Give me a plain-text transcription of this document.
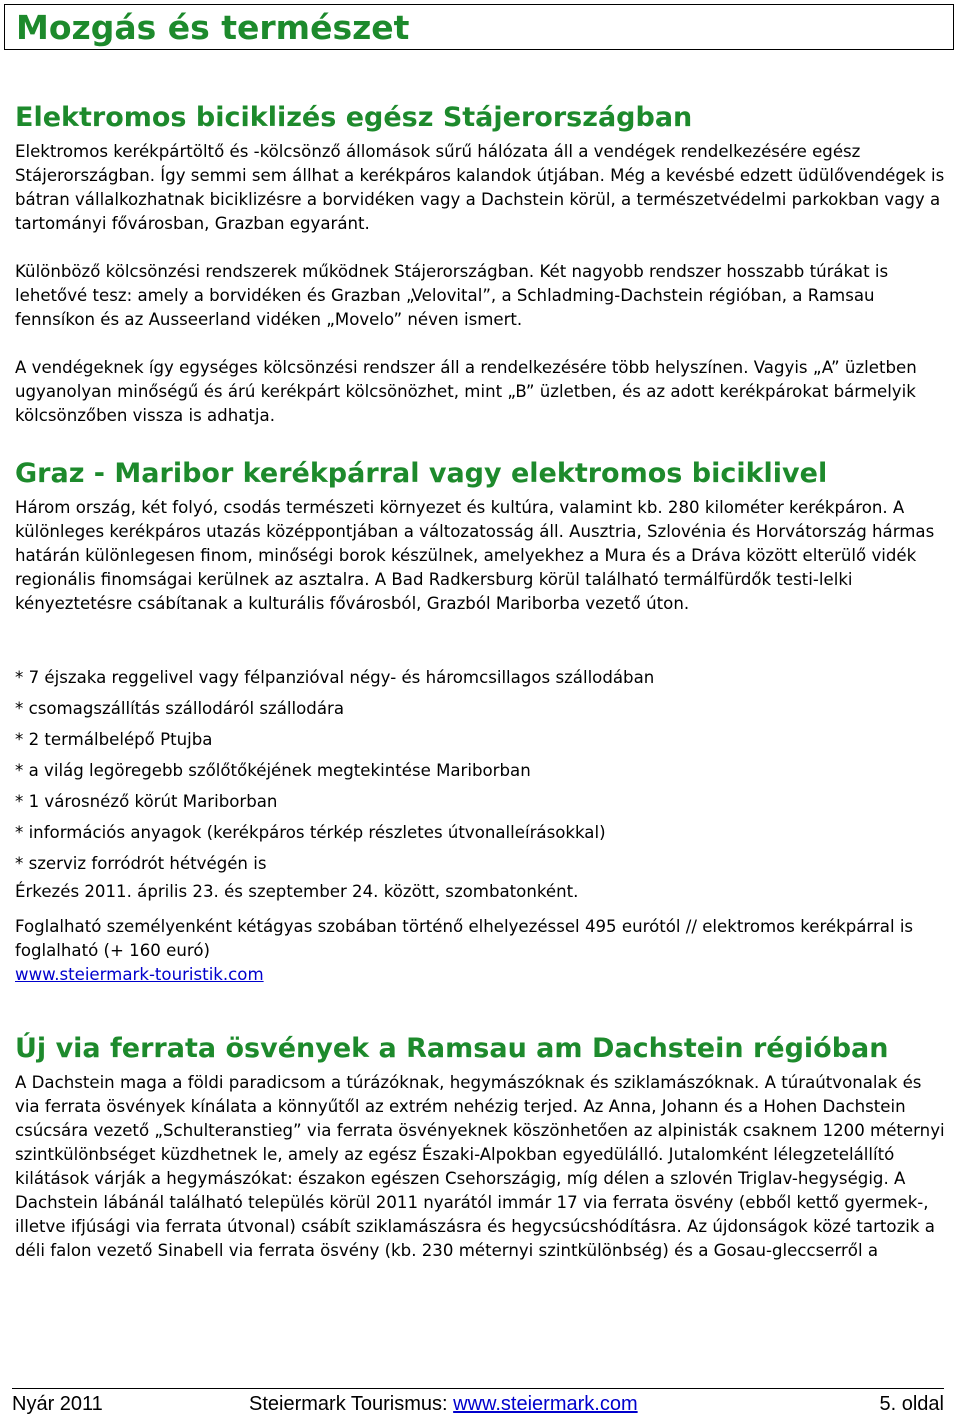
Mozgás és természet
Elektromos biciklizés egész Stájerországban

Elektromos kerékpártöltő és -kölcsönző állomások sűrű hálózata áll a vendégek rendelkezésére egész Stájerországban. Így semmi sem állhat a kerékpáros kalandok útjában. Még a kevésbé edzett üdülővendégek is bátran vállalkozhatnak biciklizésre a borvidéken vagy a Dachstein körül, a természetvédelmi parkokban vagy a tartományi fővárosban, Grazban egyaránt.

Különböző kölcsönzési rendszerek működnek Stájerországban. Két nagyobb rendszer hosszabb túrákat is lehetővé tesz: amely a borvidéken és Grazban „Velovital”, a Schladming-Dachstein régióban, a Ramsau fennsíkon és az Ausseerland vidéken „Movelo” néven ismert.

A vendégeknek így egységes kölcsönzési rendszer áll a rendelkezésére több helyszínen. Vagyis „A” üzletben ugyanolyan minőségű és árú kerékpárt kölcsönözhet, mint „B” üzletben, és az adott kerékpárokat bármelyik kölcsönzőben vissza is adhatja.

Graz - Maribor kerékpárral vagy elektromos biciklivel

Három ország, két folyó, csodás természeti környezet és kultúra, valamint kb. 280 kilométer kerékpáron. A különleges kerékpáros utazás középpontjában a változatosság áll. Ausztria, Szlovénia és Horvátország hármas határán különlegesen finom, minőségi borok készülnek, amelyekhez a Mura és a Dráva között elterülő vidék regionális finomságai kerülnek az asztalra. A Bad Radkersburg körül található termálfürdők testi-lelki kényeztetésre csábítanak a kulturális fővárosból, Grazból Mariborba vezető úton.

* 7 éjszaka reggelivel vagy félpanzióval négy- és háromcsillagos szállodában
* csomagszállítás szállodáról szállodára
* 2 termálbelépő Ptujba
* a világ legöregebb szőlőtőkéjének megtekintése Mariborban
* 1 városnéző körút Mariborban
* információs anyagok (kerékpáros térkép részletes útvonalleírásokkal)
* szerviz forródrót hétvégén is

Érkezés 2011. április 23. és szeptember 24. között, szombatonként.

Foglalható személyenként kétágyas szobában történő elhelyezéssel 495 eurótól // elektromos kerékpárral is foglalható (+ 160 euró)

www.steiermark-touristik.com

Új via ferrata ösvények a Ramsau am Dachstein régióban

A Dachstein maga a földi paradicsom a túrázóknak, hegymászóknak és sziklamászóknak. A túraútvonalak és via ferrata ösvények kínálata a könnyűtől az extrém nehézig terjed. Az Anna, Johann és a Hohen Dachstein csúcsára vezető „Schulteranstieg” via ferrata ösvényeknek köszönhetően az alpinisták csaknem 1200 méternyi szintkülönbséget küzdhetnek le, amely az egész Északi-Alpokban egyedülálló. Jutalomként lélegzetelállító kilátások várják a hegymászókat: északon egészen Csehországig, míg délen a szlovén Triglav-hegységig. A Dachstein lábánál található település körül 2011 nyarától immár 17 via ferrata ösvény (ebből kettő gyermek-, illetve ifjúsági via ferrata útvonal) csábít sziklamászásra és hegycsúcshódításra. Az újdonságok közé tartozik a déli falon vezető Sinabell via ferrata ösvény (kb. 230 méternyi szintkülönbség) és a Gosau-gleccserről a

Nyár 2011	Steiermark Tourismus: www.steiermark.com	5. oldal
